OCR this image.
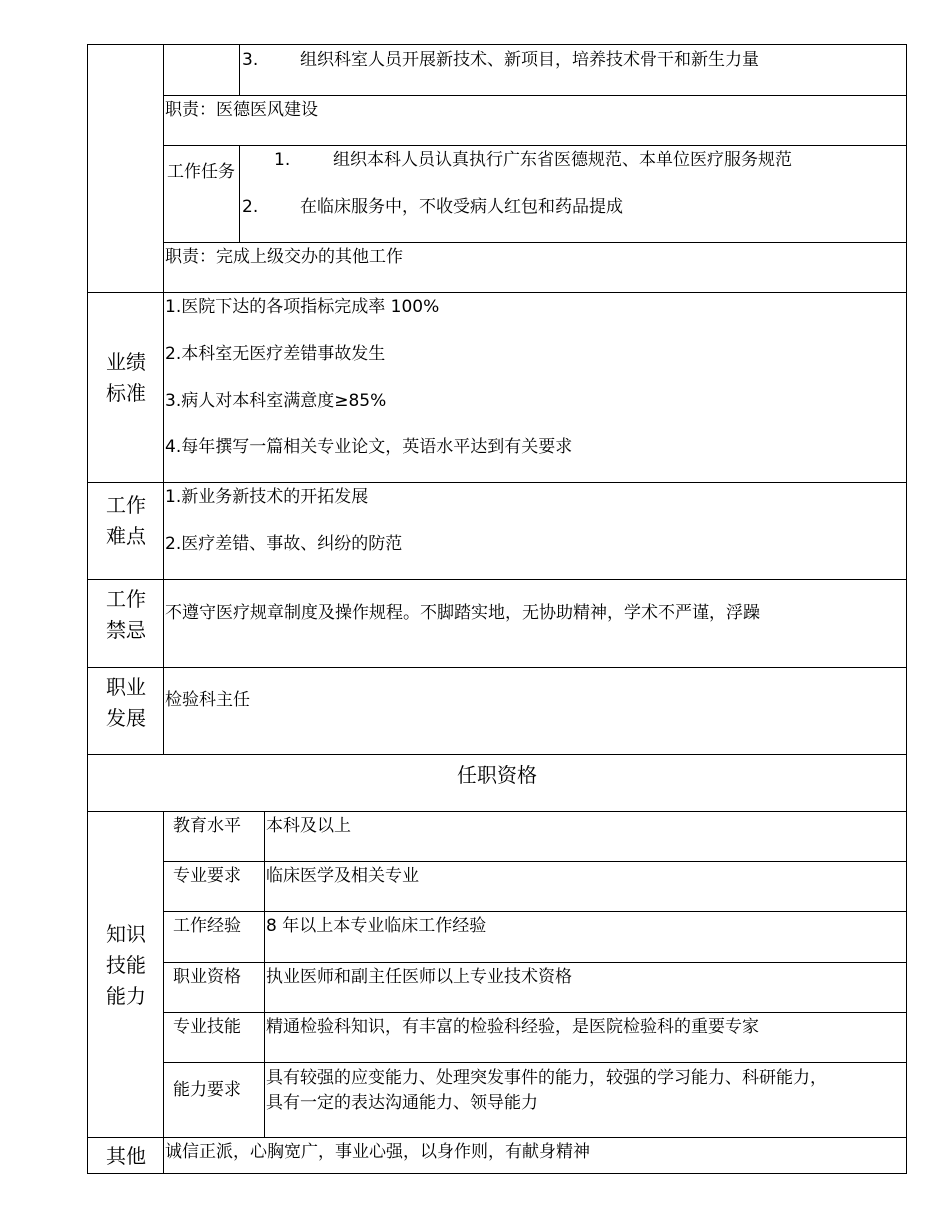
3. 组织科室人员开展新技术、新项目，培养技术骨干和新生力量
职责：医德医风建设
工作任务
1.	组织本科人员认真执行广东省医德规范、本单位医疗服务规范
2. 在临床服务中，不收受病人红包和药品提成
职责：完成上级交办的其他工作
业绩标准
1.医院下达的各项指标完成率 100%
2.本科室无医疗差错事故发生
3.病人对本科室满意度≥85%
4.每年撰写一篇相关专业论文，英语水平达到有关要求
工作难点
1.新业务新技术的开拓发展
2.医疗差错、事故、纠纷的防范
工作禁忌
不遵守医疗规章制度及操作规程。不脚踏实地，无协助精神，学术不严谨，浮躁
职业发展
检验科主任
任职资格
知识技能能力
教育水平 本科及以上
专业要求 临床医学及相关专业
工作经验 8 年以上本专业临床工作经验
职业资格 执业医师和副主任医师以上专业技术资格
专业技能 精通检验科知识，有丰富的检验科经验，是医院检验科的重要专家
能力要求
具有较强的应变能力、处理突发事件的能力，较强的学习能力、科研能力，
具有一定的表达沟通能力、领导能力
其他	诚信正派，心胸宽广，事业心强，以身作则，有献身精神
